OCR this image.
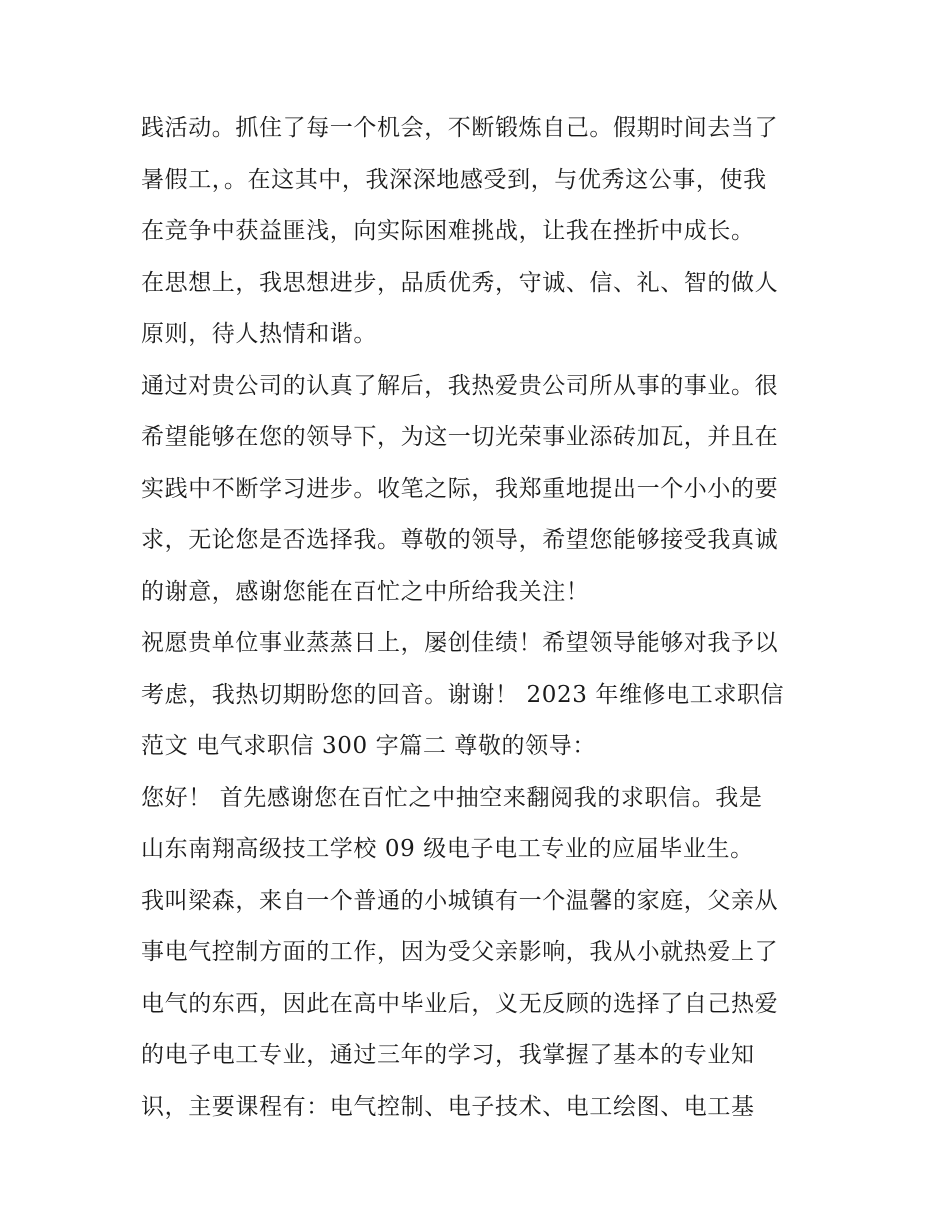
践活动。抓住了每一个机会，不断锻炼自己。假期时间去当了
暑假工，。在这其中，我深深地感受到，与优秀这公事，使我
在竞争中获益匪浅，向实际困难挑战，让我在挫折中成长。
在思想上，我思想进步，品质优秀，守诚、信、礼、智的做人
原则，待人热情和谐。
通过对贵公司的认真了解后，我热爱贵公司所从事的事业。很
希望能够在您的领导下，为这一切光荣事业添砖加瓦，并且在
实践中不断学习进步。收笔之际，我郑重地提出一个小小的要
求，无论您是否选择我。尊敬的领导，希望您能够接受我真诚
的谢意，感谢您能在百忙之中所给我关注！
祝愿贵单位事业蒸蒸日上，屡创佳绩！希望领导能够对我予以
考虑，我热切期盼您的回音。谢谢！ 2023 年维修电工求职信
范文 电气求职信 300 字篇二 尊敬的领导：
您好！ 首先感谢您在百忙之中抽空来翻阅我的求职信。我是
山东南翔高级技工学校 09 级电子电工专业的应届毕业生。
我叫梁森，来自一个普通的小城镇有一个温馨的家庭，父亲从
事电气控制方面的工作，因为受父亲影响，我从小就热爱上了
电气的东西，因此在高中毕业后，义无反顾的选择了自己热爱
的电子电工专业，通过三年的学习，我掌握了基本的专业知
识，主要课程有：电气控制、电子技术、电工绘图、电工基
